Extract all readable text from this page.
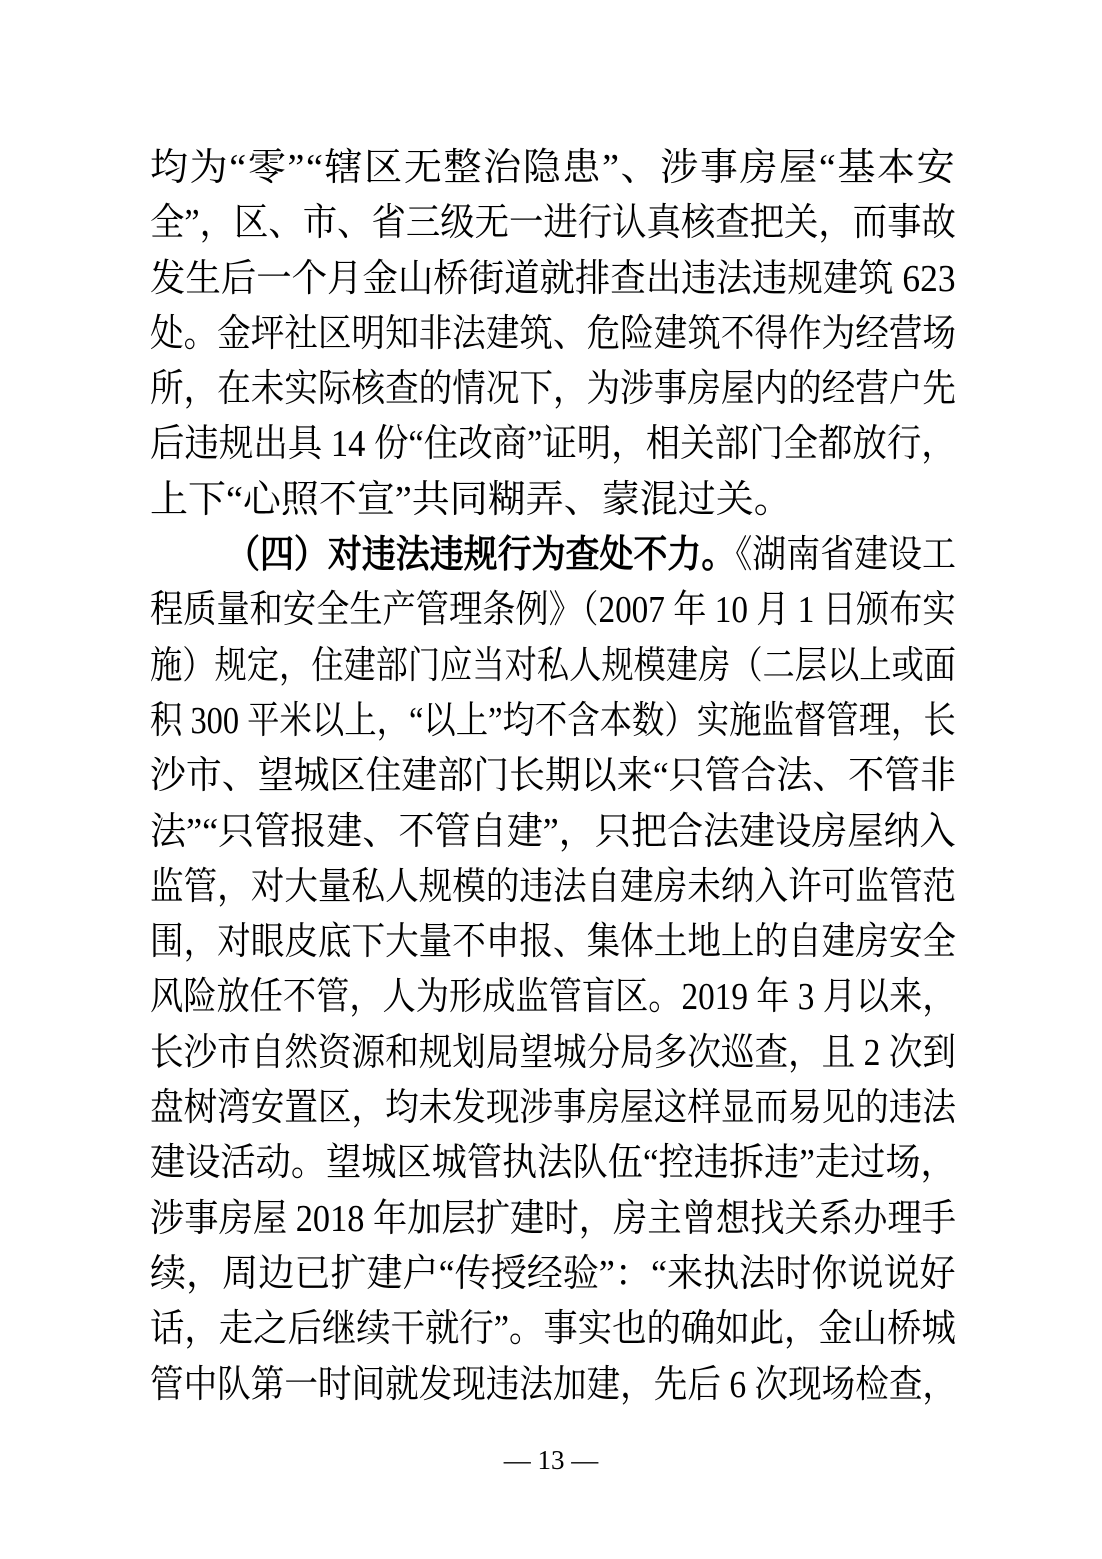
均为“零”“辖区无整治隐患”、涉事房屋“基本安
全”，区、市、省三级无一进行认真核查把关，而事故
发生后一个月金山桥街道就排查出违法违规建筑 623
处。金坪社区明知非法建筑、危险建筑不得作为经营场
所，在未实际核查的情况下，为涉事房屋内的经营户先
后违规出具 14 份“住改商”证明，相关部门全都放行，
上下“心照不宣”共同糊弄、蒙混过关。
（四）对违法违规行为查处不力。《湖南省建设工
程质量和安全生产管理条例》（2007 年 10 月 1 日颁布实
施）规定，住建部门应当对私人规模建房（二层以上或面
积 300 平米以上，“以上”均不含本数）实施监督管理，长
沙市、望城区住建部门长期以来“只管合法、不管非
法”“只管报建、不管自建”，只把合法建设房屋纳入
监管，对大量私人规模的违法自建房未纳入许可监管范
围，对眼皮底下大量不申报、集体土地上的自建房安全
风险放任不管，人为形成监管盲区。2019 年 3 月以来，
长沙市自然资源和规划局望城分局多次巡查，且 2 次到
盘树湾安置区，均未发现涉事房屋这样显而易见的违法
建设活动。望城区城管执法队伍“控违拆违”走过场，
涉事房屋 2018 年加层扩建时，房主曾想找关系办理手
续，周边已扩建户“传授经验”：“来执法时你说说好
话，走之后继续干就行”。事实也的确如此，金山桥城
管中队第一时间就发现违法加建，先后 6 次现场检查，
— 13 —
